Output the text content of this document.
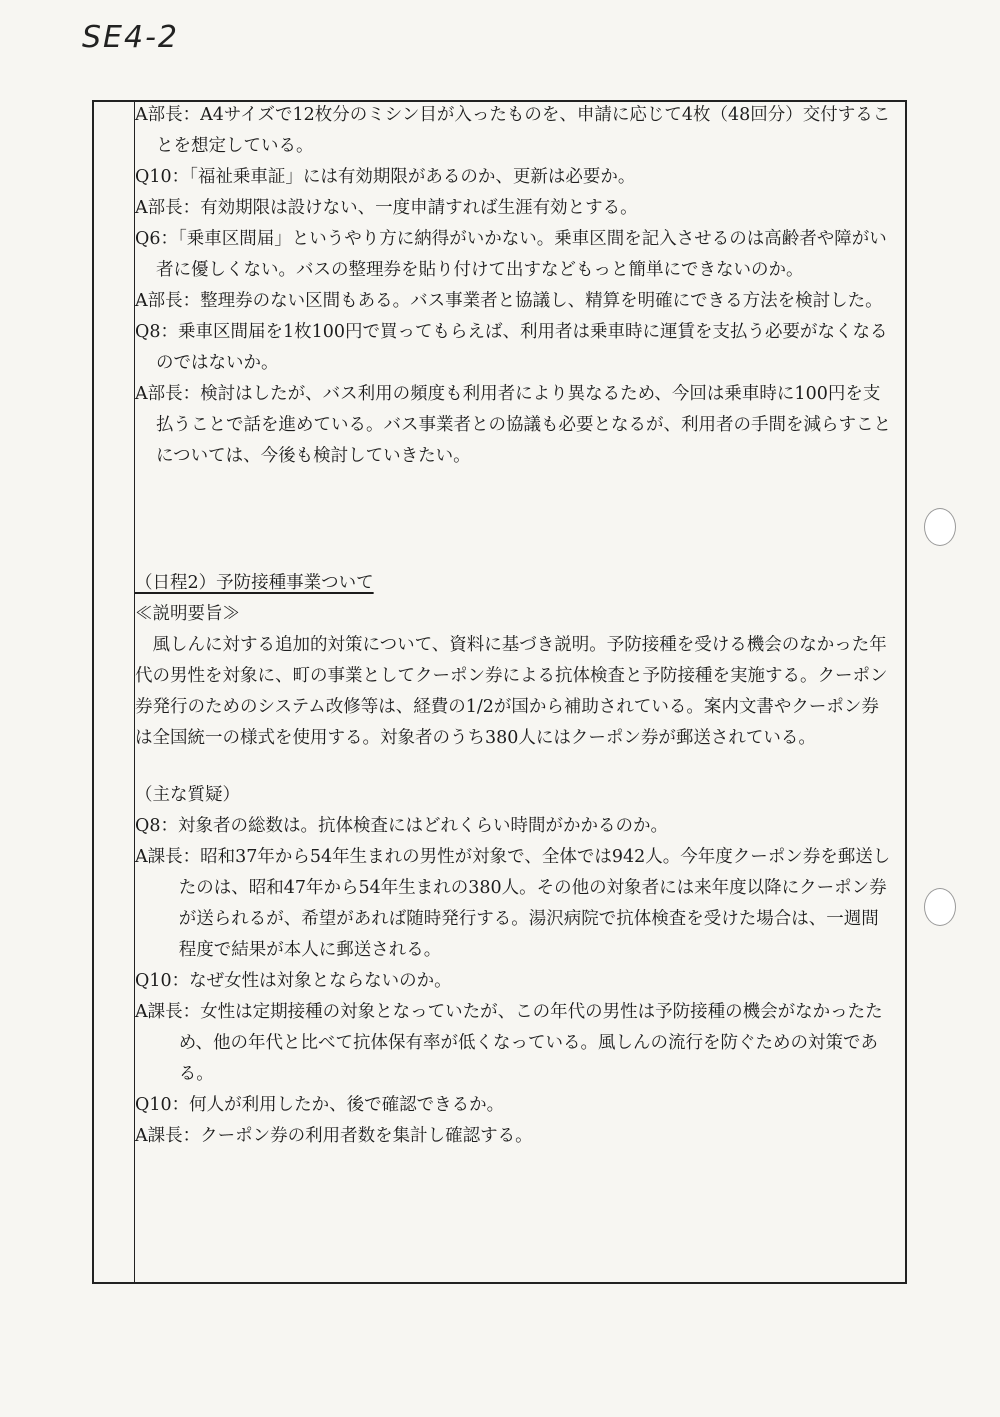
SE4-2

A部長：A4サイズで12枚分のミシン目が入ったものを、申請に応じて4枚（48回分）交付することを想定している。

Q10：「福祉乗車証」には有効期限があるのか、更新は必要か。

A部長：有効期限は設けない、一度申請すれば生涯有効とする。

Q6：「乗車区間届」というやり方に納得がいかない。乗車区間を記入させるのは高齢者や障がい者に優しくない。バスの整理券を貼り付けて出すなどもっと簡単にできないのか。

A部長：整理券のない区間もある。バス事業者と協議し、精算を明確にできる方法を検討した。

Q8：乗車区間届を1枚100円で買ってもらえば、利用者は乗車時に運賃を支払う必要がなくなるのではないか。

A部長：検討はしたが、バス利用の頻度も利用者により異なるため、今回は乗車時に100円を支払うことで話を進めている。バス事業者との協議も必要となるが、利用者の手間を減らすことについては、今後も検討していきたい。

（日程2）予防接種事業ついて

≪説明要旨≫

風しんに対する追加的対策について、資料に基づき説明。予防接種を受ける機会のなかった年代の男性を対象に、町の事業としてクーポン券による抗体検査と予防接種を実施する。クーポン券発行のためのシステム改修等は、経費の1/2が国から補助されている。案内文書やクーポン券は全国統一の様式を使用する。対象者のうち380人にはクーポン券が郵送されている。

（主な質疑）

Q8：対象者の総数は。抗体検査にはどれくらい時間がかかるのか。

A課長：昭和37年から54年生まれの男性が対象で、全体では942人。今年度クーポン券を郵送したのは、昭和47年から54年生まれの380人。その他の対象者には来年度以降にクーポン券が送られるが、希望があれば随時発行する。湯沢病院で抗体検査を受けた場合は、一週間程度で結果が本人に郵送される。

Q10：なぜ女性は対象とならないのか。

A課長：女性は定期接種の対象となっていたが、この年代の男性は予防接種の機会がなかったため、他の年代と比べて抗体保有率が低くなっている。風しんの流行を防ぐための対策である。

Q10：何人が利用したか、後で確認できるか。

A課長：クーポン券の利用者数を集計し確認する。
